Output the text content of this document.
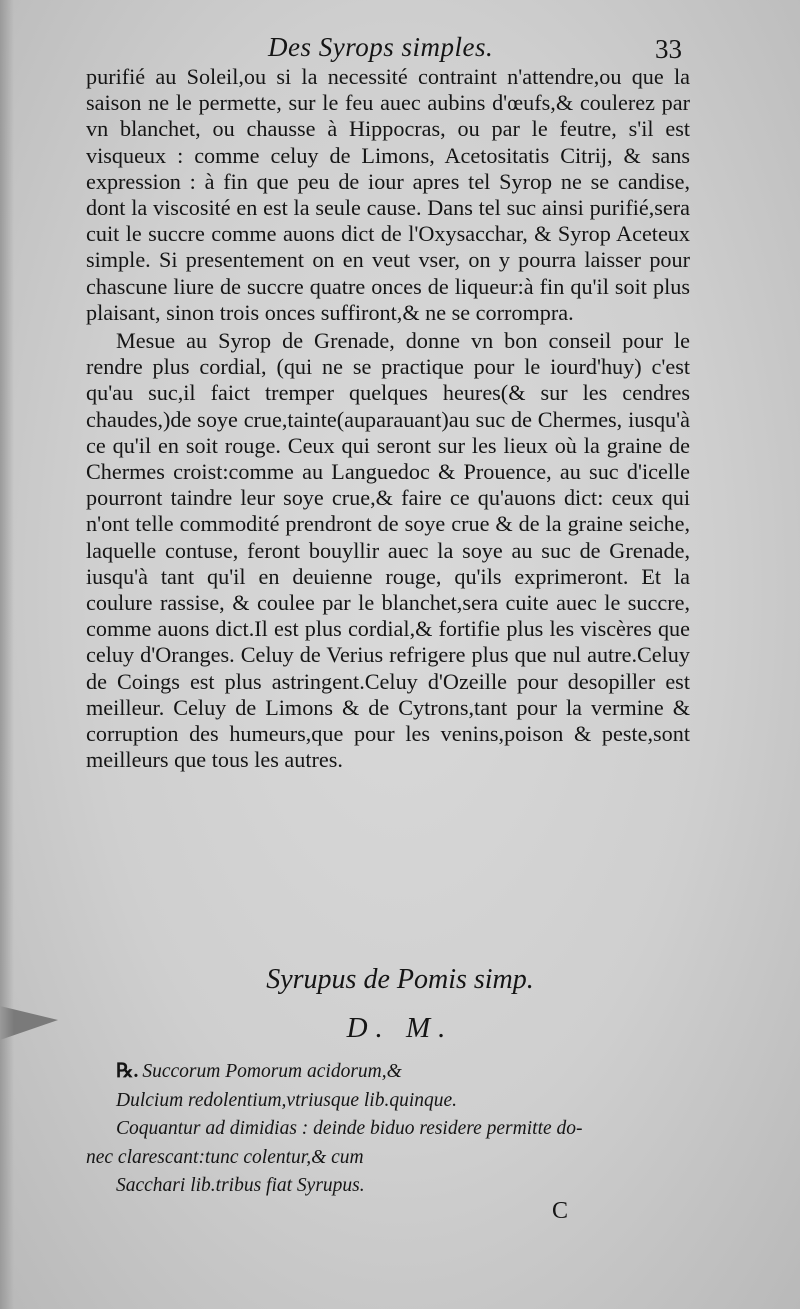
Des Syrops simples.	33

purifié au Soleil,ou si la necessité contraint n'attendre,ou que la saison ne le permette, sur le feu auec aubins d'œufs,& coulerez par vn blanchet, ou chausse à Hippocras, ou par le feutre, s'il est visqueux : comme celuy de Limons, Acetositatis Citrij, & sans expression : à fin que peu de iour apres tel Syrop ne se candise, dont la viscosité en est la seule cause. Dans tel suc ainsi purifié,sera cuit le succre comme auons dict de l'Oxysacchar, & Syrop Aceteux simple. Si presentement on en veut vser, on y pourra laisser pour chascune liure de succre quatre onces de liqueur:à fin qu'il soit plus plaisant, sinon trois onces suffiront,& ne se corrompra.

Mesue au Syrop de Grenade, donne vn bon conseil pour le rendre plus cordial, (qui ne se practique pour le iourd'huy) c'est qu'au suc,il faict tremper quelques heures(& sur les cendres chaudes,)de soye crue,tainte(auparauant)au suc de Chermes, iusqu'à ce qu'il en soit rouge. Ceux qui seront sur les lieux où la graine de Chermes croist:comme au Languedoc & Prouence, au suc d'icelle pourront taindre leur soye crue,& faire ce qu'auons dict: ceux qui n'ont telle commodité prendront de soye crue & de la graine seiche, laquelle contuse, feront bouyllir auec la soye au suc de Grenade, iusqu'à tant qu'il en deuienne rouge, qu'ils exprimeront. Et la coulure rassise, & coulee par le blanchet,sera cuite auec le succre, comme auons dict.Il est plus cordial,& fortifie plus les viscères que celuy d'Oranges. Celuy de Verius refrigere plus que nul autre.Celuy de Coings est plus astringent.Celuy d'Ozeille pour desopiller est meilleur. Celuy de Limons & de Cytrons,tant pour la vermine & corruption des humeurs,que pour les venins,poison & peste,sont meilleurs que tous les autres.

Syrupus de Pomis simp.
D. M.
℞. Succorum Pomorum acidorum,&
Dulcium redolentium,vtriusque lib.quinque.
Coquantur ad dimidias : deinde biduo residere permitte do-
nec clarescant:tunc colentur,& cum
Sacchari lib.tribus fiat Syrupus.
C
